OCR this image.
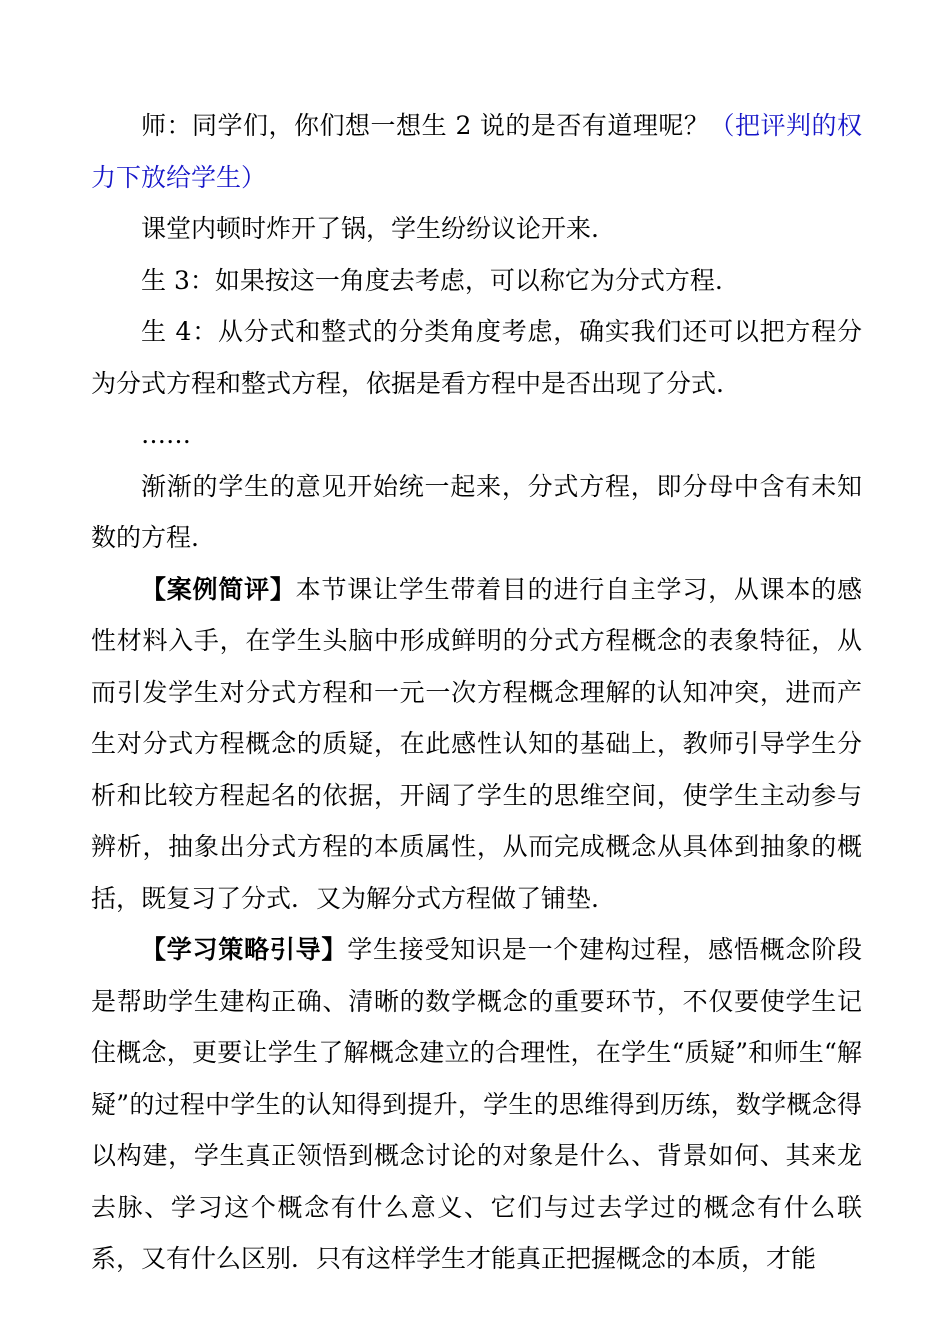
师：同学们，你们想一想生 2 说的是否有道理呢？（把评判的权力下放给学生）

课堂内顿时炸开了锅，学生纷纷议论开来.

生 3：如果按这一角度去考虑，可以称它为分式方程.

生 4：从分式和整式的分类角度考虑，确实我们还可以把方程分为分式方程和整式方程，依据是看方程中是否出现了分式.

……

渐渐的学生的意见开始统一起来，分式方程，即分母中含有未知数的方程.

【案例简评】本节课让学生带着目的进行自主学习，从课本的感性材料入手，在学生头脑中形成鲜明的分式方程概念的表象特征，从而引发学生对分式方程和一元一次方程概念理解的认知冲突，进而产生对分式方程概念的质疑，在此感性认知的基础上，教师引导学生分析和比较方程起名的依据，开阔了学生的思维空间，使学生主动参与辨析，抽象出分式方程的本质属性，从而完成概念从具体到抽象的概括，既复习了分式．又为解分式方程做了铺垫.

【学习策略引导】学生接受知识是一个建构过程，感悟概念阶段是帮助学生建构正确、清晰的数学概念的重要环节，不仅要使学生记住概念，更要让学生了解概念建立的合理性，在学生“质疑”和师生“解疑”的过程中学生的认知得到提升，学生的思维得到历练，数学概念得以构建，学生真正领悟到概念讨论的对象是什么、背景如何、其来龙去脉、学习这个概念有什么意义、它们与过去学过的概念有什么联系，又有什么区别．只有这样学生才能真正把握概念的本质，才能
